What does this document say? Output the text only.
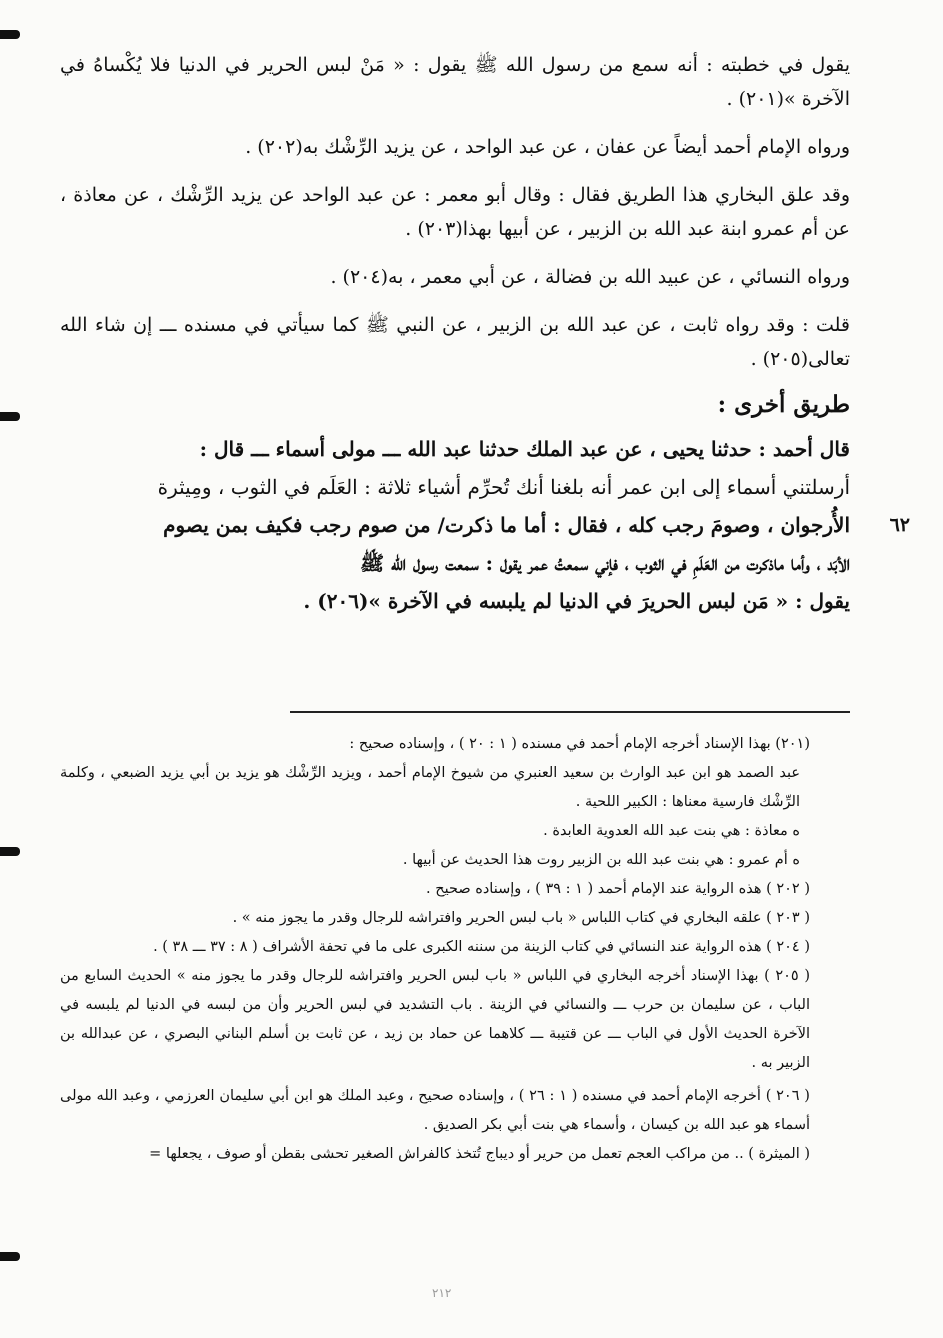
يقول في خطبته : أنه سمع من رسول الله ﷺ يقول : « مَنْ لبس الحرير في الدنيا فلا يُكْساهُ في الآخرة »(٢٠١) .

ورواه الإمام أحمد أيضاً عن عفان ، عن عبد الواحد ، عن يزيد الرِّشْك به(٢٠٢) .

وقد علق البخاري هذا الطريق فقال : وقال أبو معمر : عن عبد الواحد عن يزيد الرِّشْك ، عن معاذة ، عن أم عمرو ابنة عبد الله بن الزبير ، عن أبيها بهذا(٢٠٣) .

ورواه النسائي ، عن عبيد الله بن فضالة ، عن أبي معمر ، به(٢٠٤) .

قلت : وقد رواه ثابت ، عن عبد الله بن الزبير ، عن النبي ﷺ كما سيأتي في مسنده ـــ إن شاء الله تعالى(٢٠٥) .

طريق أخرى :
قال أحمد : حدثنا يحيى ، عن عبد الملك حدثنا عبد الله ـــ مولى أسماء ـــ قال :
أرسلتني أسماء إلى ابن عمر أنه بلغنا أنك تُحرِّم أشياء ثلاثة : العَلَم في الثوب ، ومِيثرة
الأُرجوان ، وصومَ رجب كله ، فقال : أما ما ذكرت/ من صوم رجب فكيف بمن يصوم ٦٢
الأبَد ، وأما ماذكرت من العَلَمِ في الثوب ، فإني سمعتُ عمر يقول : سمعت رسول الله ﷺ
يقول : « مَن لبس الحريرَ في الدنيا لم يلبسه في الآخرة »(٢٠٦) .
(٢٠١) بهذا الإسناد أخرجه الإمام أحمد في مسنده ( ١ : ٢٠ ) ، وإسناده صحيح :
عبد الصمد هو ابن عبد الوارث بن سعيد العنبري من شيوخ الإمام أحمد ، ويزيد الرِّشْك هو يزيد بن أبي يزيد الضبعي ، وكلمة الرِّشْك فارسية معناها : الكبير اللحية .
ه معاذة : هي بنت عبد الله العدوية العابدة .
ه أم عمرو : هي بنت عبد الله بن الزبير روت هذا الحديث عن أبيها .
( ٢٠٢ ) هذه الرواية عند الإمام أحمد ( ١ : ٣٩ ) ، وإسناده صحيح .
( ٢٠٣ ) علقه البخاري في كتاب اللباس « باب لبس الحرير وافتراشه للرجال وقدر ما يجوز منه » .
( ٢٠٤ ) هذه الرواية عند النسائي في كتاب الزينة من سننه الكبرى على ما في تحفة الأشراف ( ٨ : ٣٧ ـــ ٣٨ ) .
( ٢٠٥ ) بهذا الإسناد أخرجه البخاري في اللباس « باب لبس الحرير وافتراشه للرجال وقدر ما يجوز منه » الحديث السابع من الباب ، عن سليمان بن حرب ـــ والنسائي في الزينة . باب التشديد في لبس الحرير وأن من لبسه في الدنيا لم يلبسه في الآخرة الحديث الأول في الباب ـــ عن قتيبة ـــ كلاهما عن حماد بن زيد ، عن ثابت بن أسلم البناني البصري ، عن عبدالله بن الزبير به .
( ٢٠٦ ) أخرجه الإمام أحمد في مسنده ( ١ : ٢٦ ) ، وإسناده صحيح ، وعبد الملك هو ابن أبي سليمان العرزمي ، وعبد الله مولى أسماء هو عبد الله بن كيسان ، وأسماء هي بنت أبي بكر الصديق .
( الميثرة ) .. من مراكب العجم تعمل من حرير أو ديباج تُتخذ كالفراش الصغير تحشى بقطن أو صوف ، يجعلها =
٢١٢
